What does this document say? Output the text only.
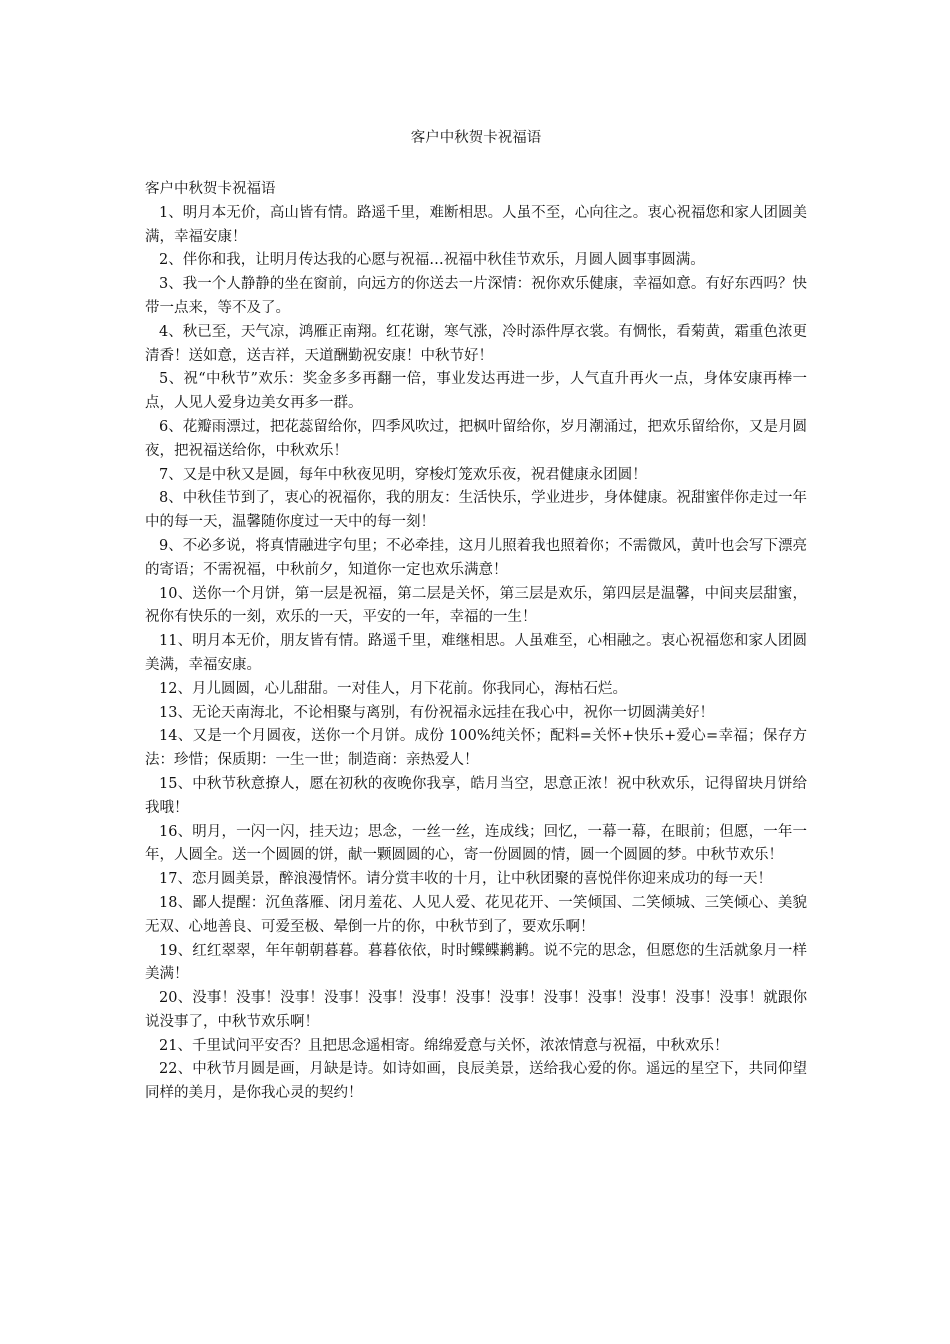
客户中秋贺卡祝福语

客户中秋贺卡祝福语

1、明月本无价，高山皆有情。路遥千里，难断相思。人虽不至，心向往之。衷心祝福您和家人团圆美满，幸福安康！

2、伴你和我，让明月传达我的心愿与祝福…祝福中秋佳节欢乐，月圆人圆事事圆满。

3、我一个人静静的坐在窗前，向远方的你送去一片深情：祝你欢乐健康，幸福如意。有好东西吗？快带一点来，等不及了。

4、秋已至，天气凉，鸿雁正南翔。红花谢，寒气涨，冷时添件厚衣裳。有惆怅，看菊黄，霜重色浓更清香！送如意，送吉祥，天道酬勤祝安康！中秋节好！

5、祝“中秋节”欢乐：奖金多多再翻一倍，事业发达再进一步，人气直升再火一点，身体安康再棒一点，人见人爱身边美女再多一群。

6、花瓣雨漂过，把花蕊留给你，四季风吹过，把枫叶留给你，岁月潮涌过，把欢乐留给你，又是月圆夜，把祝福送给你，中秋欢乐！

7、又是中秋又是圆，每年中秋夜见明，穿梭灯笼欢乐夜，祝君健康永团圆！

8、中秋佳节到了，衷心的祝福你，我的朋友：生活快乐，学业进步，身体健康。祝甜蜜伴你走过一年中的每一天，温馨随你度过一天中的每一刻！

9、不必多说，将真情融进字句里；不必牵挂，这月儿照着我也照着你；不需微风，黄叶也会写下漂亮的寄语；不需祝福，中秋前夕，知道你一定也欢乐满意！

10、送你一个月饼，第一层是祝福，第二层是关怀，第三层是欢乐，第四层是温馨，中间夹层甜蜜，祝你有快乐的一刻，欢乐的一天，平安的一年，幸福的一生！

11、明月本无价，朋友皆有情。路遥千里，难继相思。人虽难至，心相融之。衷心祝福您和家人团圆美满，幸福安康。

12、月儿圆圆，心儿甜甜。一对佳人，月下花前。你我同心，海枯石烂。

13、无论天南海北，不论相聚与离别，有份祝福永远挂在我心中，祝你一切圆满美好！

14、又是一个月圆夜，送你一个月饼。成份 100%纯关怀；配料=关怀+快乐+爱心=幸福；保存方法：珍惜；保质期：一生一世；制造商：亲热爱人！

15、中秋节秋意撩人，愿在初秋的夜晚你我享，皓月当空，思意正浓！祝中秋欢乐，记得留块月饼给我哦！

16、明月，一闪一闪，挂天边；思念，一丝一丝，连成线；回忆，一幕一幕，在眼前；但愿，一年一年，人圆全。送一个圆圆的饼，献一颗圆圆的心，寄一份圆圆的情，圆一个圆圆的梦。中秋节欢乐！

17、恋月圆美景，醉浪漫情怀。请分赏丰收的十月，让中秋团聚的喜悦伴你迎来成功的每一天！

18、鄙人提醒：沉鱼落雁、闭月羞花、人见人爱、花见花开、一笑倾国、二笑倾城、三笑倾心、美貌无双、心地善良、可爱至极、晕倒一片的你，中秋节到了，要欢乐啊！

19、红红翠翠，年年朝朝暮暮。暮暮依依，时时鲽鲽鹣鹣。说不完的思念，但愿您的生活就象月一样美满！

20、没事！没事！没事！没事！没事！没事！没事！没事！没事！没事！没事！没事！没事！就跟你说没事了，中秋节欢乐啊！

21、千里试问平安否？且把思念遥相寄。绵绵爱意与关怀，浓浓情意与祝福，中秋欢乐！

22、中秋节月圆是画，月缺是诗。如诗如画，良辰美景，送给我心爱的你。遥远的星空下，共同仰望同样的美月，是你我心灵的契约！
